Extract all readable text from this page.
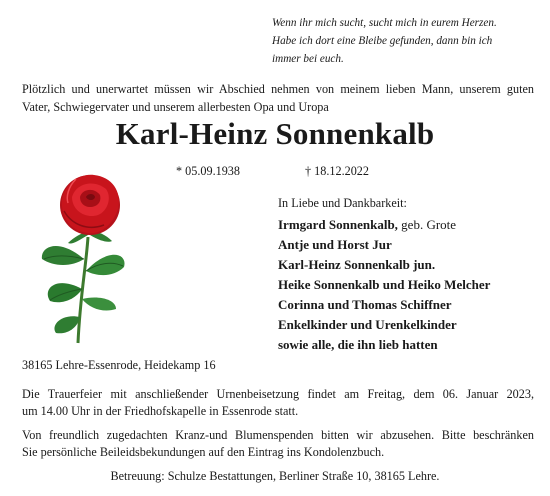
Wenn ihr mich sucht, sucht mich in eurem Herzen.
Habe ich dort eine Bleibe gefunden, dann bin ich
immer bei euch.
Plötzlich und unerwartet müssen wir Abschied nehmen von meinem lieben Mann, unserem guten
Vater, Schwiegervater und unserem allerbesten Opa und Uropa
Karl-Heinz Sonnenkalb
* 05.09.1938	† 18.12.2022
In Liebe und Dankbarkeit:
Irmgard Sonnenkalb, geb. Grote
Antje und Horst Jur
Karl-Heinz Sonnenkalb jun.
Heike Sonnenkalb und Heiko Melcher
Corinna und Thomas Schiffner
Enkelkinder und Urenkelkinder
sowie alle, die ihn lieb hatten
38165 Lehre-Essenrode, Heidekamp 16
Die Trauerfeier mit anschließender Urnenbeisetzung findet am Freitag, dem 06. Januar 2023,
um 14.00 Uhr in der Friedhofskapelle in Essenrode statt.
Von freundlich zugedachten Kranz-und Blumenspenden bitten wir abzusehen. Bitte beschränken
Sie persönliche Beileidsbekundungen auf den Eintrag ins Kondolenzbuch.
Betreuung: Schulze Bestattungen, Berliner Straße 10, 38165 Lehre.
